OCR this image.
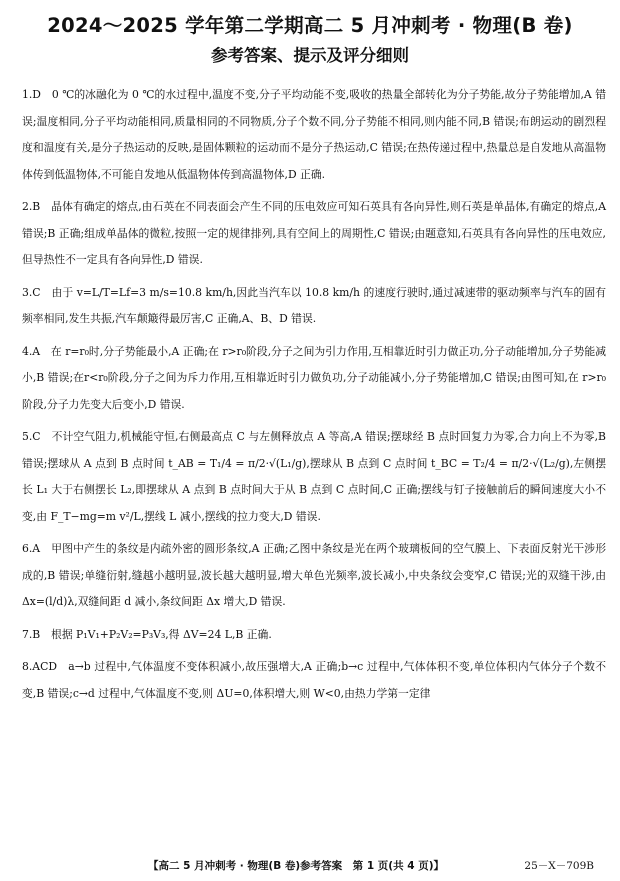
2024～2025 学年第二学期高二 5 月冲刺考 · 物理(B 卷)
参考答案、提示及评分细则

1.D　0 ℃的冰融化为 0 ℃的水过程中,温度不变,分子平均动能不变,吸收的热量全部转化为分子势能,故分子势能增加,A 错误;温度相同,分子平均动能相同,质量相同的不同物质,分子个数不同,分子势能不相同,则内能不同,B 错误;布朗运动的剧烈程度和温度有关,是分子热运动的反映,是固体颗粒的运动而不是分子热运动,C 错误;在热传递过程中,热量总是自发地从高温物体传到低温物体,不可能自发地从低温物体传到高温物体,D 正确.

2.B　晶体有确定的熔点,由石英在不同表面会产生不同的压电效应可知石英具有各向异性,则石英是单晶体,有确定的熔点,A 错误;B 正确;组成单晶体的微粒,按照一定的规律排列,具有空间上的周期性,C 错误;由题意知,石英具有各向异性的压电效应,但导热性不一定具有各向异性,D 错误.

3.C　由于 v=L/T=Lf=3 m/s=10.8 km/h,因此当汽车以 10.8 km/h 的速度行驶时,通过减速带的驱动频率与汽车的固有频率相同,发生共振,汽车颠簸得最厉害,C 正确,A、B、D 错误.

4.A　在 r=r₀时,分子势能最小,A 正确;在 r>r₀阶段,分子之间为引力作用,互相靠近时引力做正功,分子动能增加,分子势能减小,B 错误;在r<r₀阶段,分子之间为斥力作用,互相靠近时引力做负功,分子动能减小,分子势能增加,C 错误;由图可知,在 r>r₀阶段,分子力先变大后变小,D 错误.

5.C　不计空气阻力,机械能守恒,右侧最高点 C 与左侧释放点 A 等高,A 错误;摆球经 B 点时回复力为零,合力向上不为零,B 错误;摆球从 A 点到 B 点时间 t_AB = T₁/4 = π/2·√(L₁/g),摆球从 B 点到 C 点时间 t_BC = T₂/4 = π/2·√(L₂/g),左侧摆长 L₁ 大于右侧摆长 L₂,即摆球从 A 点到 B 点时间大于从 B 点到 C 点时间,C 正确;摆线与钉子接触前后的瞬间速度大小不变,由 F_T−mg=m v²/L,摆线 L 减小,摆线的拉力变大,D 错误.

6.A　甲图中产生的条纹是内疏外密的圆形条纹,A 正确;乙图中条纹是光在两个玻璃板间的空气膜上、下表面反射光干涉形成的,B 错误;单缝衍射,缝越小越明显,波长越大越明显,增大单色光频率,波长减小,中央条纹会变窄,C 错误;光的双缝干涉,由 Δx=(l/d)λ,双缝间距 d 减小,条纹间距 Δx 增大,D 错误.

7.B　根据 P₁V₁+P₂V₂=P₃V₃,得 ΔV=24 L,B 正确.

8.ACD　a→b 过程中,气体温度不变体积减小,故压强增大,A 正确;b→c 过程中,气体体积不变,单位体积内气体分子个数不变,B 错误;c→d 过程中,气体温度不变,则 ΔU=0,体积增大,则 W<0,由热力学第一定律

【高二 5 月冲刺考 · 物理(B 卷)参考答案　第 1 页(共 4 页)】	25－X－709B
